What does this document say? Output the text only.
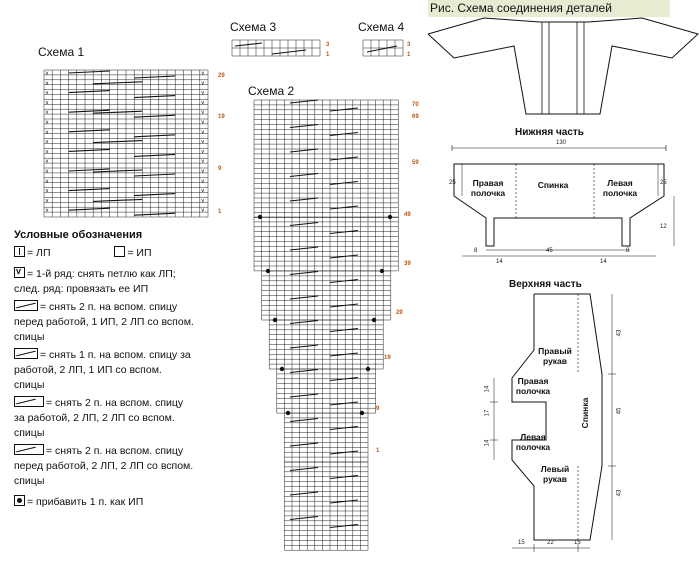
Схема 1
Схема 3	Схема 4
Схема 2
v	v
v	v
v	v
v	v
v	v
v	v
v	v
v	v
v	v
v	v
v	v
v	v
v	v
v	v
v	v
29
19
9
1
3
1
3
1
70
69
59
49
39
29
19
9
1
Условные обозначения
= ЛП	= ИП
v= 1-й ряд: снять петлю как ЛП;
след. ряд: провязать ее ИП
= снять 2 п. на вспом. спицу
перед работой, 1 ИП, 2 ЛП со вспом.
спицы
= снять 1 п. на вспом. спицу за
работой, 2 ЛП, 1 ИП со вспом.
спицы
= снять 2 п. на вспом. спицу
за работой, 2 ЛП, 2 ЛП со вспом.
спицы
= снять 2 п. на вспом. спицу
перед работой, 2 ЛП, 2 ЛП со вспом.
спицы
= прибавить 1 п. как ИП
Рис. Схема соединения деталей
Нижняя часть
130
25	25
12
8	45	8
14	14
Правая
полочка
Спинка	Левая
полочка
Верхняя часть
Правый
рукав
Правая
полочка
Левая
полочка
Левый
рукав
Спинка
43
45
43
14
17
14
15	22	15
